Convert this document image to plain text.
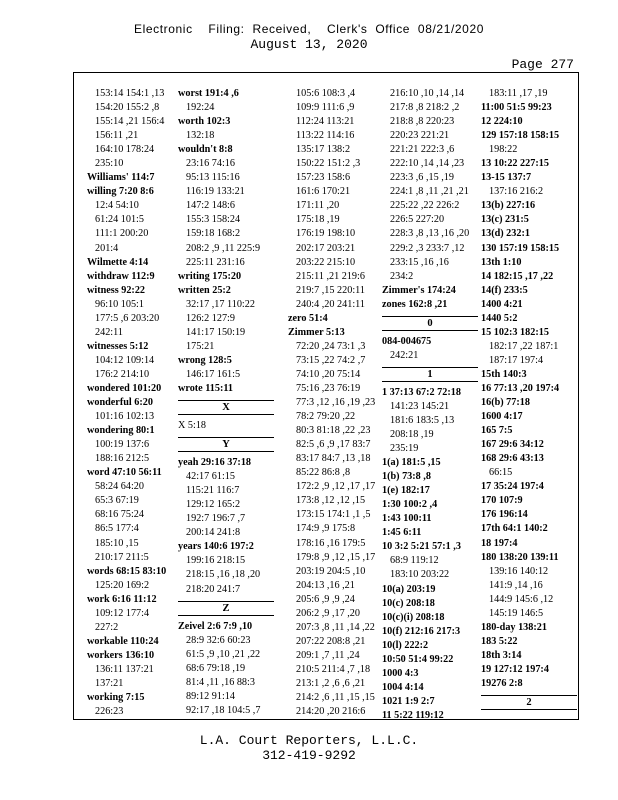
Electronic    Filing:  Received,    Clerk's  Office  08/21/2020
August 13, 2020
Page 277
153:14 154:1 ,13
154:20 155:2 ,8
155:14 ,21 156:4
156:11 ,21
164:10 178:24
235:10
Williams' 114:7
willing 7:20 8:6
12:4 54:10
61:24 101:5
111:1 200:20
201:4
Wilmette 4:14
withdraw 112:9
witness 92:22
96:10 105:1
177:5 ,6 203:20
242:11
witnesses 5:12
104:12 109:14
176:2 214:10
wondered 101:20
wonderful 6:20
101:16 102:13
wondering 80:1
100:19 137:6
188:16 212:5
word 47:10 56:11
58:24 64:20
65:3 67:19
68:16 75:24
86:5 177:4
185:10 ,15
210:17 211:5
words 68:15 83:10
125:20 169:2
work 6:16 11:12
109:12 177:4
227:2
workable 110:24
workers 136:10
136:11 137:21
137:21
working 7:15
226:23
worst 191:4 ,6
192:24
worth 102:3
132:18
wouldn't 8:8
23:16 74:16
95:13 115:16
116:19 133:21
147:2 148:6
155:3 158:24
159:18 168:2
208:2 ,9 ,11 225:9
225:11 231:16
writing 175:20
written 25:2
32:17 ,17 110:22
126:2 127:9
141:17 150:19
175:21
wrong 128:5
146:17 161:5
wrote 115:11
X
X 5:18
Y
yeah 29:16 37:18
42:17 61:15
115:21 116:7
129:12 165:2
192:7 196:7 ,7
200:14 241:8
years 140:6 197:2
199:16 218:15
218:15 ,16 ,18 ,20
218:20 241:7
Z
Zeivel 2:6 7:9 ,10
28:9 32:6 60:23
61:5 ,9 ,10 ,21 ,22
68:6 79:18 ,19
81:4 ,11 ,16 88:3
89:12 91:14
92:17 ,18 104:5 ,7
105:6 108:3 ,4
109:9 111:6 ,9
112:24 113:21
113:22 114:16
135:17 138:2
150:22 151:2 ,3
157:23 158:6
161:6 170:21
171:11 ,20
175:18 ,19
176:19 198:10
202:17 203:21
203:22 215:10
215:11 ,21 219:6
219:7 ,15 220:11
240:4 ,20 241:11
zero 51:4
Zimmer 5:13
72:20 ,24 73:1 ,3
73:15 ,22 74:2 ,7
74:10 ,20 75:14
75:16 ,23 76:19
77:3 ,12 ,16 ,19 ,23
78:2 79:20 ,22
80:3 81:18 ,22 ,23
82:5 ,6 ,9 ,17 83:7
83:17 84:7 ,13 ,18
85:22 86:8 ,8
172:2 ,9 ,12 ,17 ,17
173:8 ,12 ,12 ,15
173:15 174:1 ,1 ,5
174:9 ,9 175:8
178:16 ,16 179:5
179:8 ,9 ,12 ,15 ,17
203:19 204:5 ,10
204:13 ,16 ,21
205:6 ,9 ,9 ,24
206:2 ,9 ,17 ,20
207:3 ,8 ,11 ,14 ,22
207:22 208:8 ,21
209:1 ,7 ,11 ,24
210:5 211:4 ,7 ,18
213:1 ,2 ,6 ,6 ,21
214:2 ,6 ,11 ,15 ,15
214:20 ,20 216:6
216:10 ,10 ,14 ,14
217:8 ,8 218:2 ,2
218:8 ,8 220:23
220:23 221:21
221:21 222:3 ,6
222:10 ,14 ,14 ,23
223:3 ,6 ,15 ,19
224:1 ,8 ,11 ,21 ,21
225:22 ,22 226:2
226:5 227:20
228:3 ,8 ,13 ,16 ,20
229:2 ,3 233:7 ,12
233:15 ,16 ,16
234:2
Zimmer's 174:24
zones 162:8 ,21
0
084-004675
242:21
1
1 37:13 67:2 72:18
141:23 145:21
181:6 183:5 ,13
208:18 ,19
235:19
1(a) 181:5 ,15
1(b) 73:8 ,8
1(e) 182:17
1:30 100:2 ,4
1:43 100:11
1:45 6:11
10 3:2 5:21 57:1 ,3
68:9 119:12
183:10 203:22
10(a) 203:19
10(c) 208:18
10(c)(i) 208:18
10(f) 212:16 217:3
10(l) 222:2
10:50 51:4 99:22
1000 4:3
1004 4:14
1021 1:9 2:7
11 5:22 119:12
183:11 ,17 ,19
11:00 51:5 99:23
12 224:10
129 157:18 158:15
198:22
13 10:22 227:15
13-15 137:7
137:16 216:2
13(b) 227:16
13(c) 231:5
13(d) 232:1
130 157:19 158:15
13th 1:10
14 182:15 ,17 ,22
14(f) 233:5
1400 4:21
1440 5:2
15 102:3 182:15
182:17 ,22 187:1
187:17 197:4
15th 140:3
16 77:13 ,20 197:4
16(b) 77:18
1600 4:17
165 7:5
167 29:6 34:12
168 29:6 43:13
66:15
17 35:24 197:4
170 107:9
176 196:14
17th 64:1 140:2
18 197:4
180 138:20 139:11
139:16 140:12
141:9 ,14 ,16
144:9 145:6 ,12
145:19 146:5
180-day 138:21
183 5:22
18th 3:14
19 127:12 197:4
19276 2:8
2
L.A. Court Reporters, L.L.C.
312-419-9292
